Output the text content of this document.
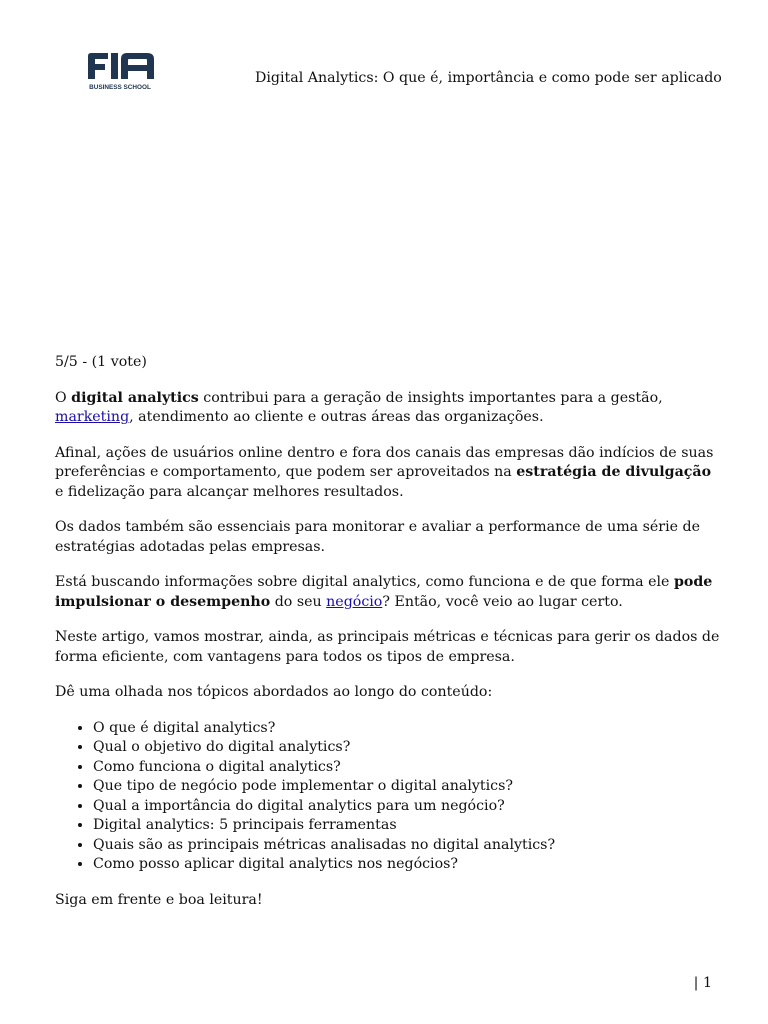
BUSINESS SCHOOL
Digital Analytics: O que é, importância e como pode ser aplicado

5/5 - (1 vote)

O digital analytics contribui para a geração de insights importantes para a gestão, marketing, atendimento ao cliente e outras áreas das organizações.

Afinal, ações de usuários online dentro e fora dos canais das empresas dão indícios de suas preferências e comportamento, que podem ser aproveitados na estratégia de divulgação e fidelização para alcançar melhores resultados.

Os dados também são essenciais para monitorar e avaliar a performance de uma série de estratégias adotadas pelas empresas.

Está buscando informações sobre digital analytics, como funciona e de que forma ele pode impulsionar o desempenho do seu negócio? Então, você veio ao lugar certo.

Neste artigo, vamos mostrar, ainda, as principais métricas e técnicas para gerir os dados de forma eficiente, com vantagens para todos os tipos de empresa.

Dê uma olhada nos tópicos abordados ao longo do conteúdo:

• O que é digital analytics?
• Qual o objetivo do digital analytics?
• Como funciona o digital analytics?
• Que tipo de negócio pode implementar o digital analytics?
• Qual a importância do digital analytics para um negócio?
• Digital analytics: 5 principais ferramentas
• Quais são as principais métricas analisadas no digital analytics?
• Como posso aplicar digital analytics nos negócios?

Siga em frente e boa leitura!

| 1
